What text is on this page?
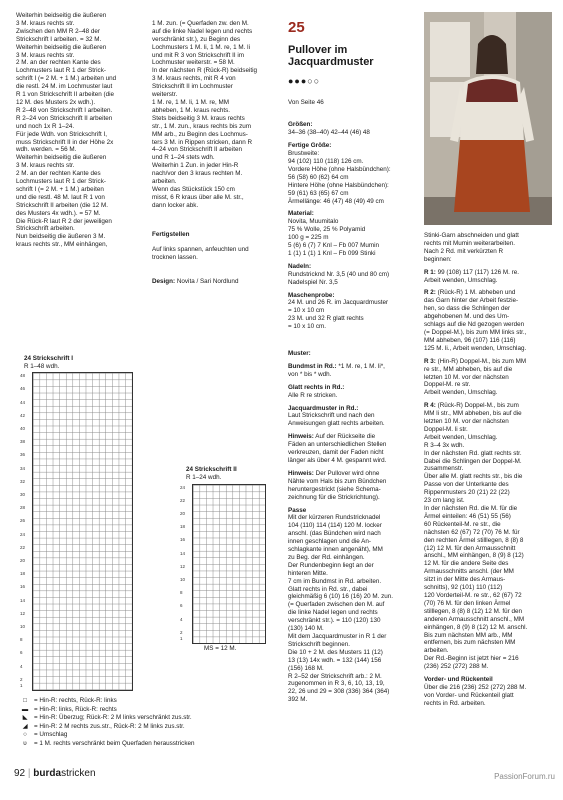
Weiterhin beidseitig die äußeren
3 M. kraus rechts str.
Zwischen den MM R 2–48 der
Strickschrift I arbeiten. = 32 M.
Weiterhin beidseitig die äußeren
3 M. kraus rechts str.
2 M. an der rechten Kante des
Lochmusters laut R 1 der Strick-
schrift I (= 2 M. + 1 M.) arbeiten und
die restl. 24 M. im Lochmuster laut
R 1 von Strickschrift II arbeiten (die
12 M. des Musters 2x wdh.).
R 2–48 von Strickschrift I arbeiten.
R 2–24 von Strickschrift II arbeiten
und noch 1x R 1–24.
Für jede Wdh. von Strickschrift I,
muss Strickschrift II in der Höhe 2x
wdh. werden. = 56 M.
Weiterhin beidseitig die äußeren
3 M. kraus rechts str.
2 M. an der rechten Kante des
Lochmusters laut R 1 der Strick-
schrift I (= 2 M. + 1 M.) arbeiten
und die restl. 48 M. laut R 1 von
Strickschrift II arbeiten (die 12 M.
des Musters 4x wdh.). = 57 M.
Die Rück-R laut R 2 der jeweiligen
Strickschrift arbeiten.
Nun beidseitig die äußeren 3 M.
kraus rechts str., MM einhängen,

1 M. zun. (= Querfaden zw. den M.
auf die linke Nadel legen und rechts
verschränkt str.), zu Beginn des
Lochmusters 1 M. li, 1 M. re, 1 M. li
und mit R 3 von Strickschrift II im
Lochmuster weiterstr. = 58 M.
In der nächsten R (Rück-R) beidseitig
3 M. kraus rechts, mit R 4 von
Strickschrift II im Lochmuster
weiterstr.
1 M. re, 1 M. li, 1 M. re, MM
abheben, 1 M. kraus rechts.
Stets beidseitig 3 M. kraus rechts
str., 1 M. zun., kraus rechts bis zum
MM arb., zu Beginn des Lochmus-
ters 3 M. in Rippen stricken, dann R
4–24 von Strickschrift II arbeiten
und R 1–24 stets wdh.
Weiterhin 1 Zun. in jeder Hin-R
nach/vor den 3 kraus rechten M.
arbeiten.
Wenn das Stückstück 150 cm
misst, 6 R kraus über alle M. str.,
dann locker abk.

Fertigstellen

Auf links spannen, anfeuchten und
trocknen lassen.

Design: Novita / Sari Nordlund

25

Pullover im
Jacquardmuster

●●●○○

Von Seite 46

Größen:
34–36 (38–40) 42–44 (46) 48
Fertige Größe:
Brustweite:
94 (102) 110 (118) 126 cm.
Vordere Höhe (ohne Halsbündchen):
56 (58) 60 (62) 64 cm
Hintere Höhe (ohne Halsbündchen):
59 (61) 63 (65) 67 cm
Ärmellänge: 46 (47) 48 (49) 49 cm
Material:
Novita, Muumitalo
75 % Wolle, 25 % Polyamid
100 g = 225 m
5 (6) 6 (7) 7 Knl – Fb 007 Mumin
1 (1) 1 (1) 1 Knl – Fb 099 Stinki
Nadeln:
Rundstricknd Nr. 3,5 (40 und 80 cm)
Nadelspiel Nr. 3,5
Maschenprobe:
24 M. und 26 R. im Jacquardmuster
= 10 x 10 cm
23 M. und 32 R glatt rechts
= 10 x 10 cm.

Muster:
Bundmst in Rd.: *1 M. re, 1 M. li*,
von * bis * wdh.
Glatt rechts in Rd.:
Alle R re stricken.
Jacquardmuster in Rd.:
Laut Strickschrift und nach den
Anweisungen glatt rechts arbeiten.
Hinweis: Auf der Rückseite die
Fäden an unterschiedlichen Stellen
verkreuzen, damit der Faden nicht
länger als über 4 M. gespannt wird.
Hinweis: Der Pullover wird ohne
Nähte vom Hals bis zum Bündchen
heruntergestrickt (siehe Schema-
zeichnung für die Strickrichtung).
Passe
Mit der kürzeren Rundstricknadel
104 (110) 114 (114) 120 M. locker
anschl. (das Bündchen wird nach
innen geschlagen und die An-
schlagkante innen angenäht), MM
zu Beg. der Rd. einhängen.
Der Rundenbeginn liegt an der
hinteren Mitte.
7 cm im Bundmst in Rd. arbeiten.
Glatt rechts in Rd. str., dabei
gleichmäßig 6 (10) 16 (16) 20 M. zun.
(= Querfaden zwischen den M. auf
die linke Nadel legen und rechts
verschränkt str.). = 110 (120) 130
(130) 140 M.
Mit dem Jacquardmuster in R 1 der
Strickschrift beginnen.
Die 10 + 2 M. des Musters 11 (12)
13 (13) 14x wdh. = 132 (144) 156
(156) 168 M.
R 2–52 der Strickschrift arb.: 2 M.
zugenommen in R 3, 6, 10, 13, 19,
22, 26 und 29 = 308 (336) 364 (364)
392 M.

Stinki-Garn abschneiden und glatt
rechts mit Mumin weiterarbeiten.
Nach 2 Rd. mit verkürzten R
beginnen:
R 1: 99 (108) 117 (117) 126 M. re.
Arbeit wenden, Umschlag.
R 2: (Rück-R) 1 M. abheben und
das Garn hinter der Arbeit festzie-
hen, so dass die Schlingen der
abgehobenen M. und des Um-
schlags auf die Nd gezogen werden
(= Doppel-M.), bis zum MM links str.,
MM abheben, 96 (107) 116 (116)
125 M. li., Arbeit wenden, Umschlag.
R 3: (Hin-R) Doppel-M., bis zum MM
re str., MM abheben, bis auf die
letzten 10 M. vor der nächsten
Doppel-M. re str.
Arbeit wenden, Umschlag.
R 4: (Rück-R) Doppel-M., bis zum
MM li str., MM abheben, bis auf die
letzten 10 M. vor der nächsten
Doppel-M. li str.
Arbeit wenden, Umschlag.
R 3–4 3x wdh.
In der nächsten Rd. glatt rechts str.
Dabei die Schlingen der Doppel-M.
zusammenstr.
Über alle M. glatt rechts str., bis die
Passe von der Unterkante des
Rippenmusters 20 (21) 22 (22)
23 cm lang ist.
In der nächsten Rd. die M. für die
Ärmel einteilen: 46 (51) 55 (56)
60 Rückenteil-M. re str., die
nächsten 62 (67) 72 (70) 76 M. für
den rechten Ärmel stilllegen, 8 (8) 8
(12) 12 M. für den Armausschnitt
anschl., MM einhängen, 8 (9) 8 (12)
12 M. für die andere Seite des
Armausschnitts anschl. (der MM
sitzt in der Mitte des Armaus-
schnitts), 92 (101) 110 (112)
120 Vorderteil-M. re str., 62 (67) 72
(70) 76 M. für den linken Ärmel
stilllegen, 8 (8) 8 (12) 12 M. für den
anderen Armausschnitt anschl., MM
einhängen, 8 (9) 8 (12) 12 M. anschl.
Bis zum nächsten MM arb., MM
entfernen, bis zum nächsten MM
arbeiten.
Der Rd.-Beginn ist jetzt hier = 216
(236) 252 (272) 288 M.
Vorder- und Rückenteil
Über die 216 (236) 252 (272) 288 M.
von Vorder- und Rückenteil glatt
rechts in Rd. arbeiten.
24 Strickschrift I
R 1–48 wdh.
1
2
4
6
8
10
12
14
16
18
20
22
24
26
28
30
32
34
36
38
40
42
44
46
48
24 Strickschrift II
R 1–24 wdh.
1
2
4
6
8
10
12
14
16
18
20
22
24
MS = 12 M.
□ = Hin-R: rechts, Rück-R: links
▬ = Hin-R: links, Rück-R: rechts
◣ = Hin-R: Überzug; Rück-R: 2 M links verschränkt zus.str.
◢ = Hin-R: 2 M rechts zus.str., Rück-R: 2 M links zus.str.
○ = Umschlag
υ = 1 M. rechts verschränkt beim Querfaden herausstricken
92 | burdastricken	PassionForum.ru
